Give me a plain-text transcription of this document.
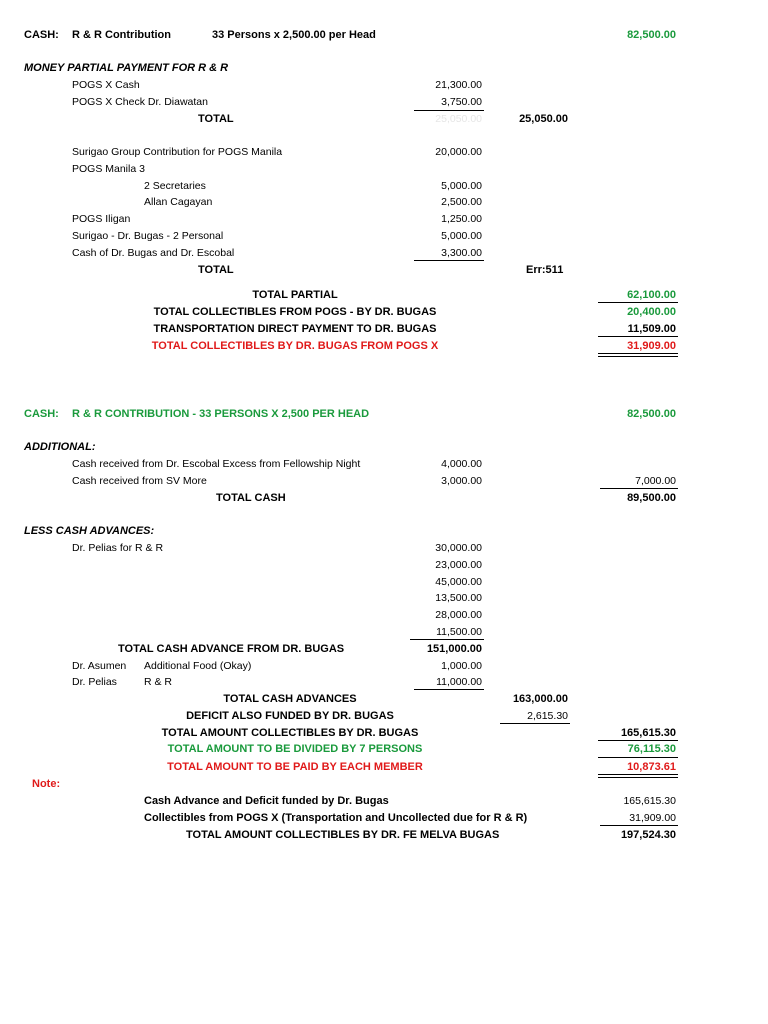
CASH: R & R Contribution	33 Persons x 2,500.00 per Head	82,500.00
MONEY PARTIAL PAYMENT FOR R & R
POGS X Cash	21,300.00
POGS X Check Dr. Diawatan	3,750.00
TOTAL	25,050.00	25,050.00
Surigao Group Contribution for POGS Manila	20,000.00
POGS Manila 3
2 Secretaries	5,000.00
Allan Cagayan	2,500.00
POGS Iligan	1,250.00
Surigao - Dr. Bugas - 2 Personal	5,000.00
Cash of Dr. Bugas and Dr. Escobal	3,300.00
TOTAL	Err:511
TOTAL PARTIAL	62,100.00
TOTAL COLLECTIBLES FROM POGS - BY DR. BUGAS	20,400.00
TRANSPORTATION DIRECT PAYMENT TO DR. BUGAS	11,509.00
TOTAL COLLECTIBLES BY DR. BUGAS FROM POGS X	31,909.00
CASH: R & R CONTRIBUTION - 33 PERSONS X 2,500 PER HEAD	82,500.00
ADDITIONAL:
Cash received from Dr. Escobal Excess from Fellowship Night	4,000.00
Cash received from SV More	3,000.00	7,000.00
TOTAL CASH	89,500.00
LESS CASH ADVANCES:
Dr. Pelias for R & R	30,000.00
23,000.00
45,000.00
13,500.00
28,000.00
11,500.00
TOTAL CASH ADVANCE FROM DR. BUGAS	151,000.00
Dr. Asumen Additional Food (Okay)	1,000.00
Dr. Pelias	R & R	11,000.00
TOTAL CASH ADVANCES	163,000.00
DEFICIT ALSO FUNDED BY DR. BUGAS	2,615.30
TOTAL AMOUNT COLLECTIBLES BY DR. BUGAS	165,615.30
TOTAL AMOUNT TO BE DIVIDED BY 7 PERSONS	76,115.30
TOTAL AMOUNT TO BE PAID BY EACH MEMBER	10,873.61
Note:
Cash Advance and Deficit funded by Dr. Bugas	165,615.30
Collectibles from POGS X (Transportation and Uncollected due for R & R)	31,909.00
TOTAL AMOUNT COLLECTIBLES BY DR. FE MELVA BUGAS	197,524.30
